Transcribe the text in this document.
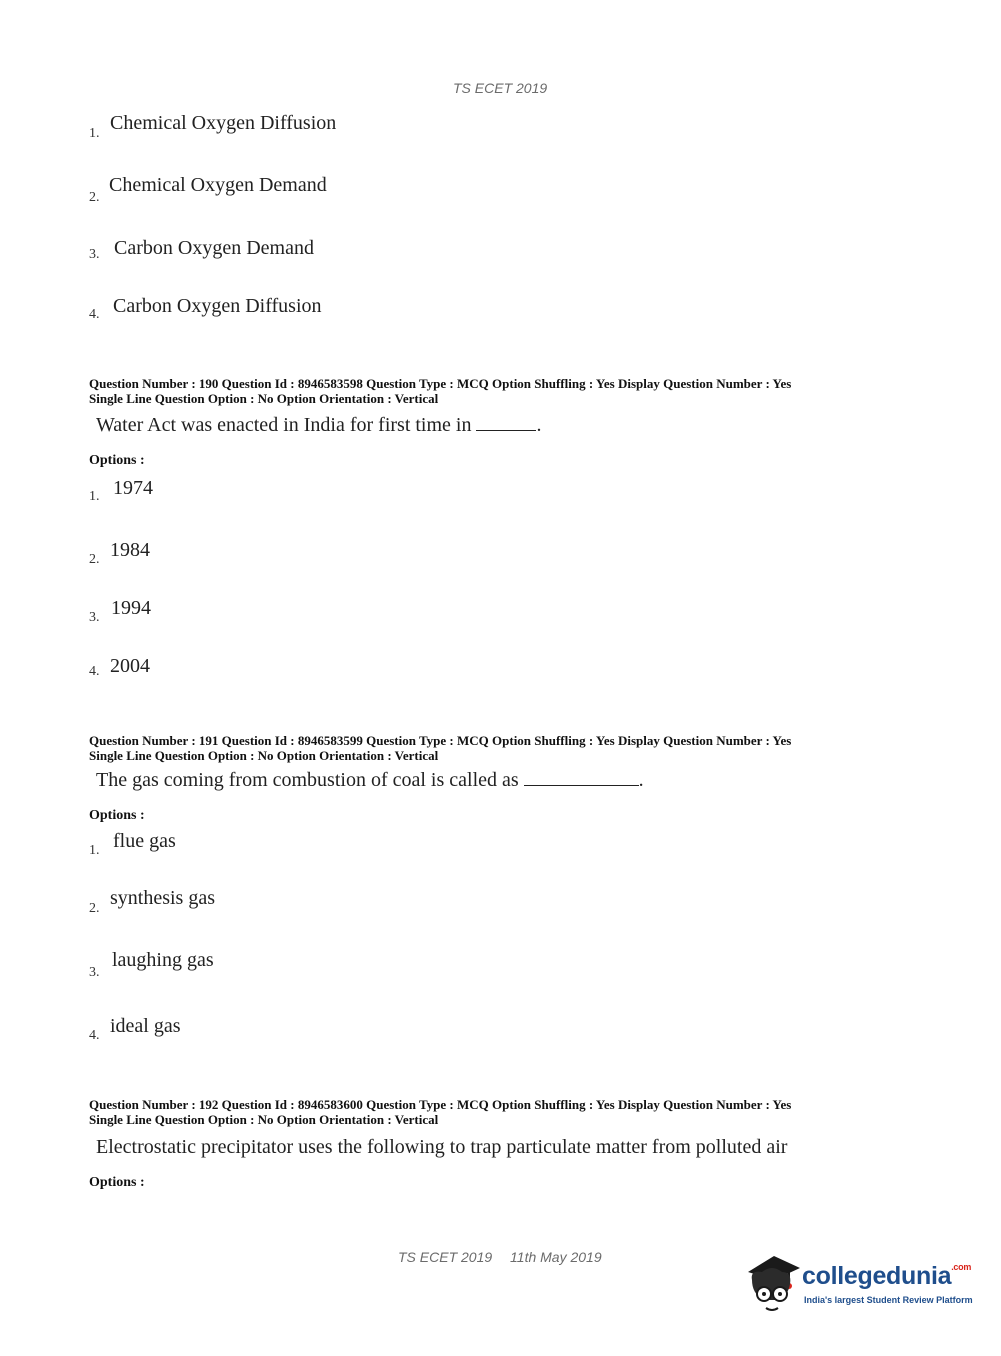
TS ECET 2019
1. Chemical Oxygen Diffusion
2.
Chemical Oxygen Demand
3. Carbon Oxygen Demand
4. Carbon Oxygen Diffusion
Question Number : 190 Question Id : 8946583598 Question Type : MCQ Option Shuffling : Yes Display Question Number : Yes
Single Line Question Option : No Option Orientation : Vertical
Water Act was enacted in India for first time in	.
Options :
1. 1974
2. 1984
3. 1994
4. 2004
Question Number : 191 Question Id : 8946583599 Question Type : MCQ Option Shuffling : Yes Display Question Number : Yes
Single Line Question Option : No Option Orientation : Vertical
The gas coming from combustion of coal is called as	.
Options :
1. flue gas
2. synthesis gas
3.
laughing gas
4. ideal gas
Question Number : 192 Question Id : 8946583600 Question Type : MCQ Option Shuffling : Yes Display Question Number : Yes
Single Line Question Option : No Option Orientation : Vertical
Electrostatic precipitator uses the following to trap particulate matter from polluted air
Options :
TS ECET 2019 11th May 2019
collegedunia$^{.com}$
India's largest Student Review Platform
